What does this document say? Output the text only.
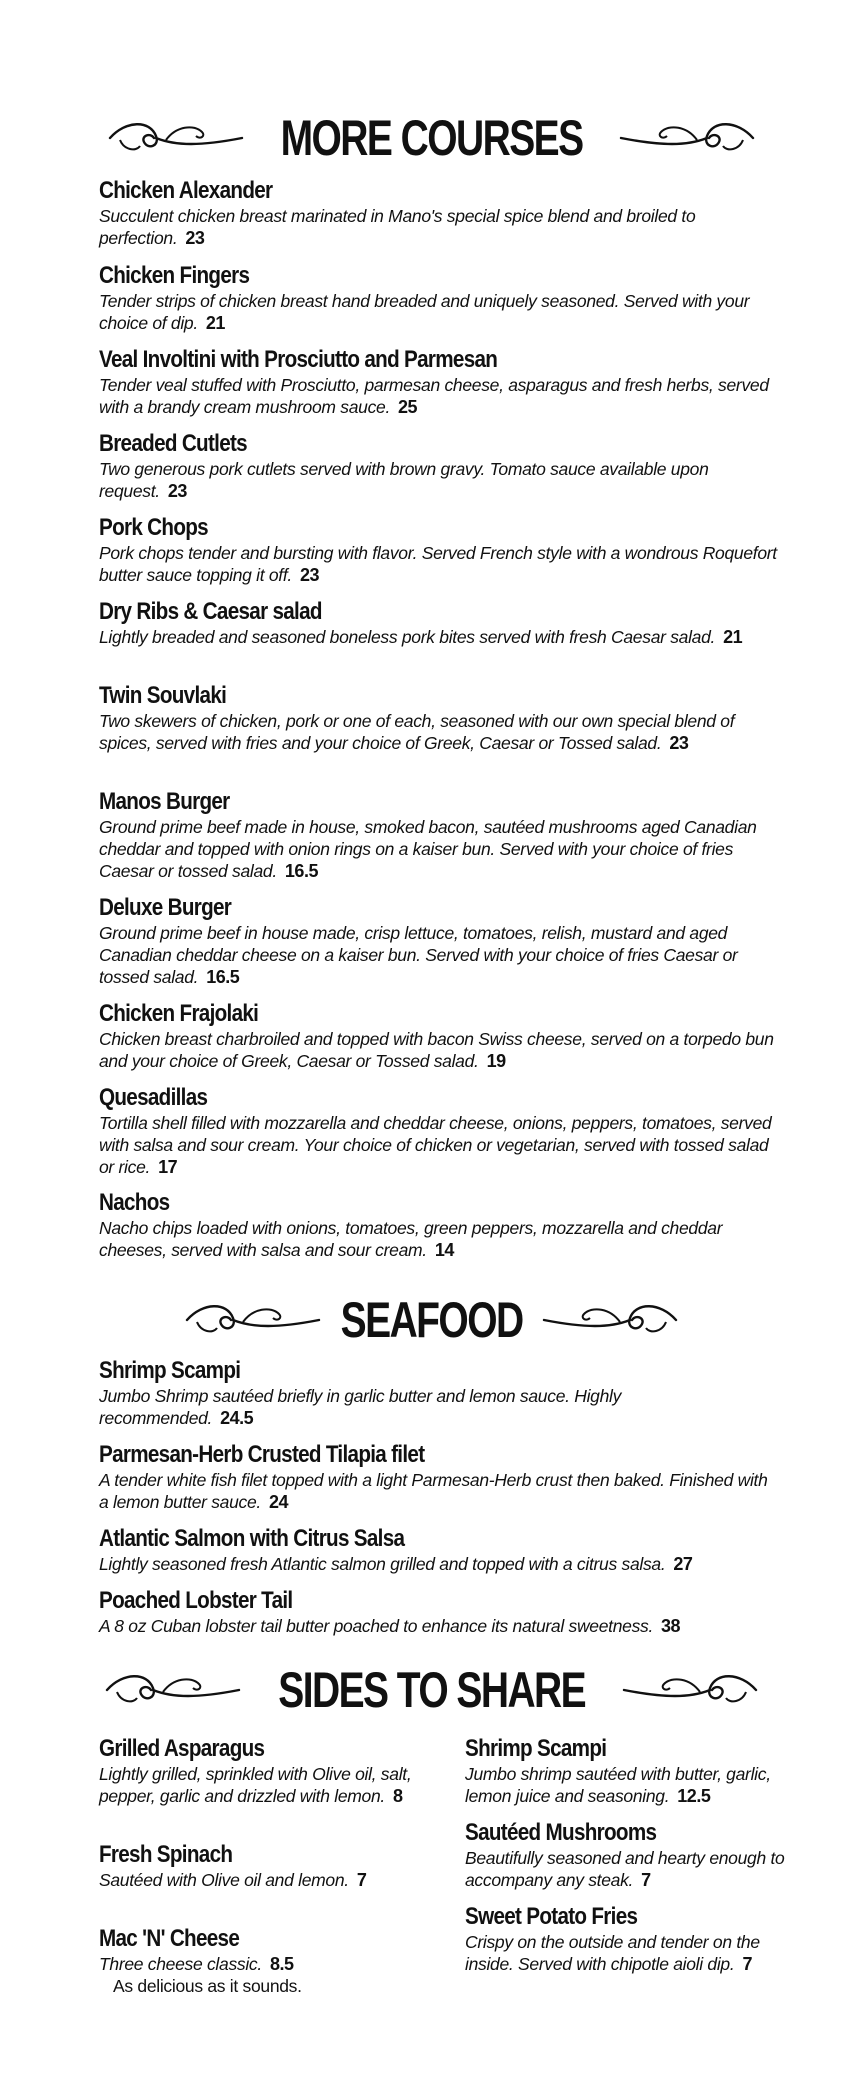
MORE COURSES
Chicken Alexander
Succulent chicken breast marinated in Mano's special spice blend and broiled to perfection. 23
Chicken Fingers
Tender strips of chicken breast hand breaded and uniquely seasoned. Served with your choice of dip. 21
Veal Involtini with Prosciutto and Parmesan
Tender veal stuffed with Prosciutto, parmesan cheese, asparagus and fresh herbs, served with a brandy cream mushroom sauce. 25
Breaded Cutlets
Two generous pork cutlets served with brown gravy. Tomato sauce available upon request. 23
Pork Chops
Pork chops tender and bursting with flavor. Served French style with a wondrous Roquefort butter sauce topping it off. 23
Dry Ribs & Caesar salad
Lightly breaded and seasoned boneless pork bites served with fresh Caesar salad. 21
Twin Souvlaki
Two skewers of chicken, pork or one of each, seasoned with our own special blend of spices, served with fries and your choice of Greek, Caesar or Tossed salad. 23
Manos Burger
Ground prime beef made in house, smoked bacon, sautéed mushrooms aged Canadian cheddar and topped with onion rings on a kaiser bun. Served with your choice of fries Caesar or tossed salad. 16.5
Deluxe Burger
Ground prime beef in house made, crisp lettuce, tomatoes, relish, mustard and aged Canadian cheddar cheese on a kaiser bun. Served with your choice of fries Caesar or tossed salad. 16.5
Chicken Frajolaki
Chicken breast charbroiled and topped with bacon Swiss cheese, served on a torpedo bun and your choice of Greek, Caesar or Tossed salad. 19
Quesadillas
Tortilla shell filled with mozzarella and cheddar cheese, onions, peppers, tomatoes, served with salsa and sour cream. Your choice of chicken or vegetarian, served with tossed salad or rice. 17
Nachos
Nacho chips loaded with onions, tomatoes, green peppers, mozzarella and cheddar cheeses, served with salsa and sour cream. 14
SEAFOOD
Shrimp Scampi
Jumbo Shrimp sautéed briefly in garlic butter and lemon sauce. Highly recommended. 24.5
Parmesan-Herb Crusted Tilapia filet
A tender white fish filet topped with a light Parmesan-Herb crust then baked. Finished with a lemon butter sauce. 24
Atlantic Salmon with Citrus Salsa
Lightly seasoned fresh Atlantic salmon grilled and topped with a citrus salsa. 27
Poached Lobster Tail
A 8 oz Cuban lobster tail butter poached to enhance its natural sweetness. 38
SIDES TO SHARE
Grilled Asparagus
Lightly grilled, sprinkled with Olive oil, salt, pepper, garlic and drizzled with lemon. 8
Fresh Spinach
Sautéed with Olive oil and lemon. 7
Mac 'N' Cheese
Three cheese classic. 8.5
As delicious as it sounds.
Shrimp Scampi
Jumbo shrimp sautéed with butter, garlic, lemon juice and seasoning. 12.5
Sautéed Mushrooms
Beautifully seasoned and hearty enough to accompany any steak. 7
Sweet Potato Fries
Crispy on the outside and tender on the inside. Served with chipotle aioli dip. 7
